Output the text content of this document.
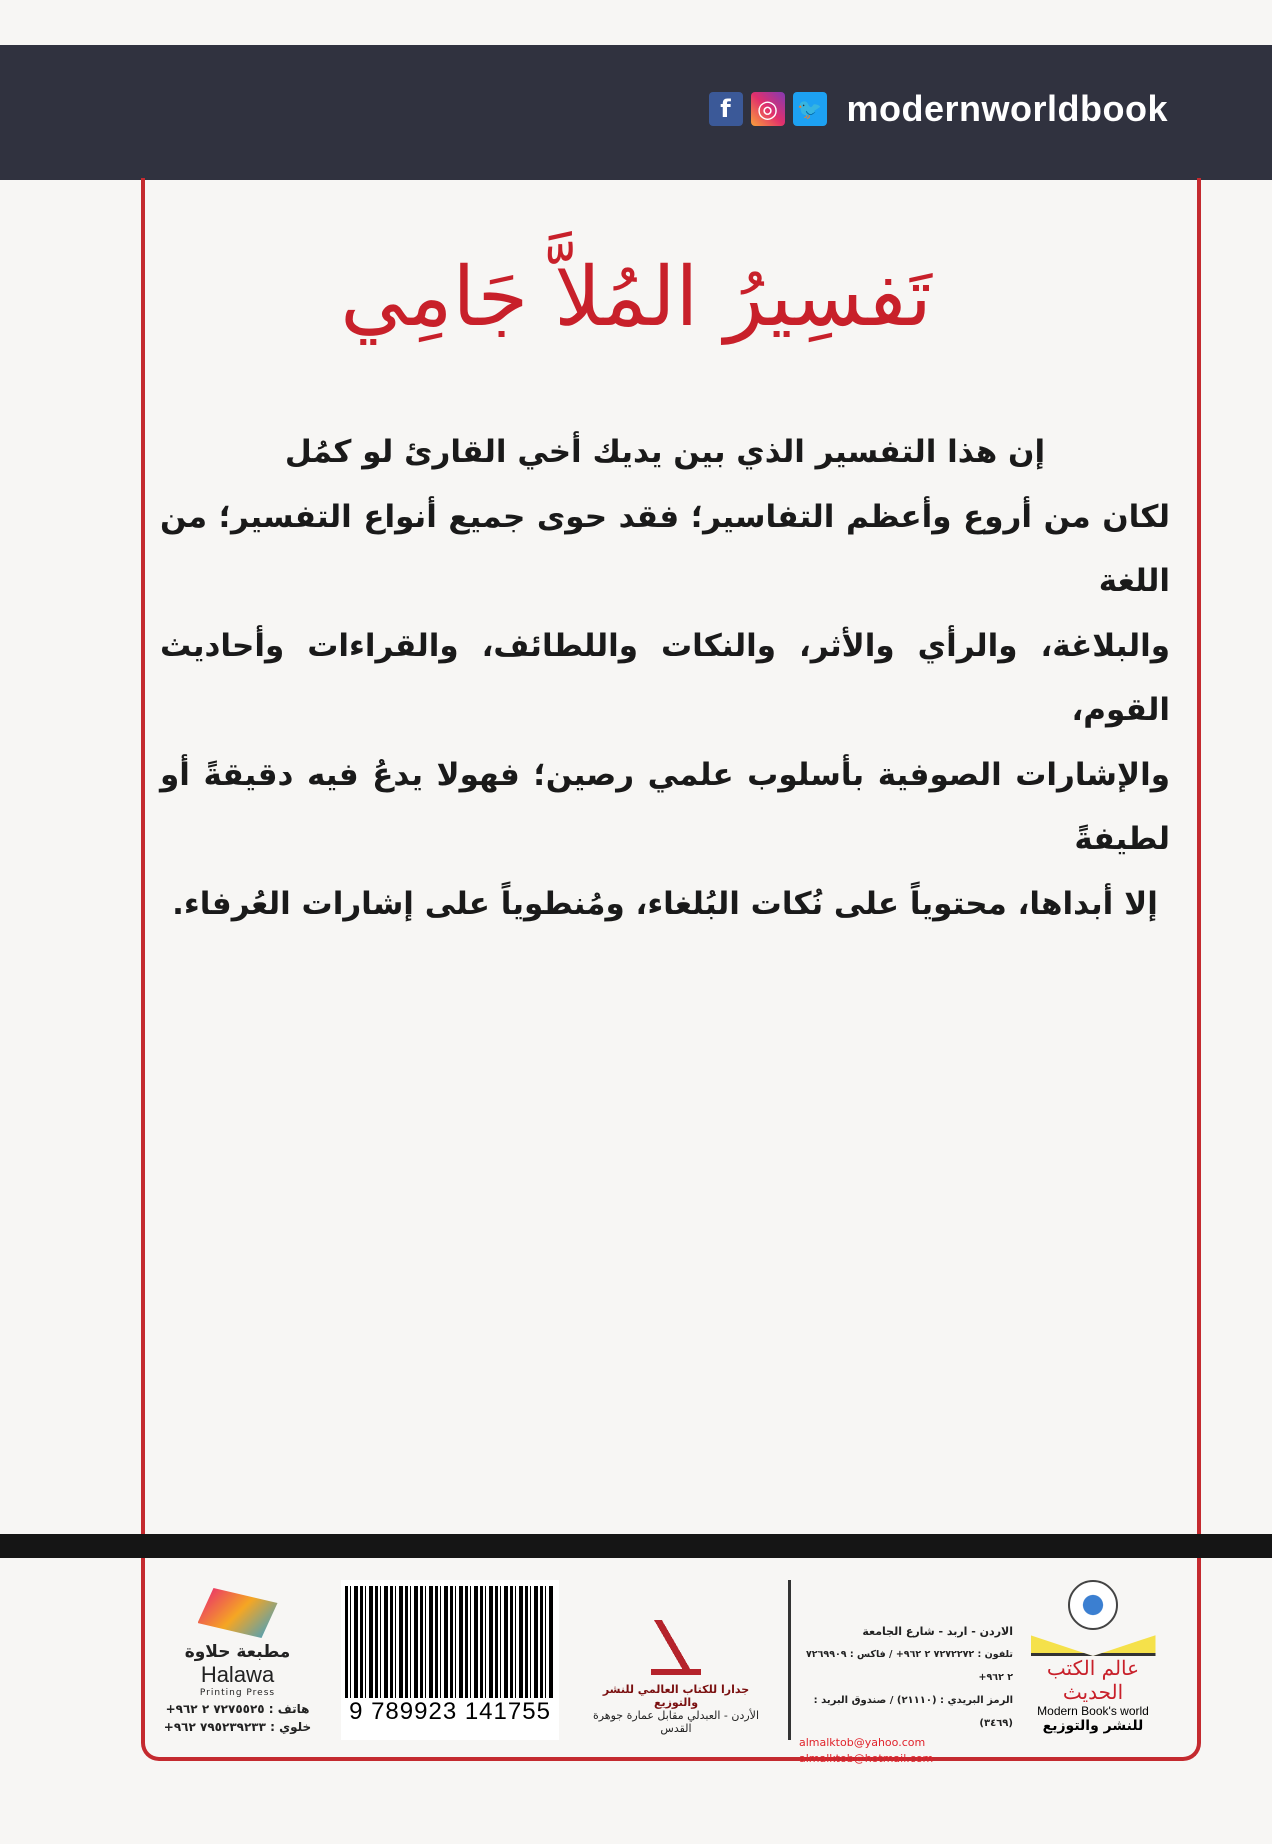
f	◎ 🐦 modernworldbook
تَفسِيرُ المُلاَّ جَامِي
إن هذا التفسير الذي بين يديك أخي القارئ لو كمُل
لكان من أروع وأعظم التفاسير؛ فقد حوى جميع أنواع التفسير؛ من اللغة
والبلاغة، والرأي والأثر، والنكات واللطائف، والقراءات وأحاديث القوم،
والإشارات الصوفية بأسلوب علمي رصين؛ فهولا يدعُ فيه دقيقةً أو لطيفةً
إلا أبداها، محتوياً على نُكات البُلغاء، ومُنطوياً على إشارات العُرفاء.
مطبعة حلاوة
Halawa
Printing Press
هاتف : ٧٢٧٥٥٢٥ ٢ ٩٦٢+
خلوي : ٧٩٥٢٣٩٢٣٣ ٩٦٢+
9 789923 141755
جدارا للكتاب العالمي للنشر والتوزيع
الأردن - العبدلي مقابل عمارة جوهرة القدس
الاردن - اربد - شارع الجامعة
تلفون : ٧٢٧٢٢٧٢ ٢ ٩٦٢+ / فاكس : ٧٢٦٩٩٠٩ ٢ ٩٦٢+
الرمز البريدي : (٢١١١٠) / صندوق البريد : (٣٤٦٩)
almalktob@yahoo.com
almalktob@hotmail.com
عالم الكتب الحديث
Modern Book's world
للنشر والتوزيع
